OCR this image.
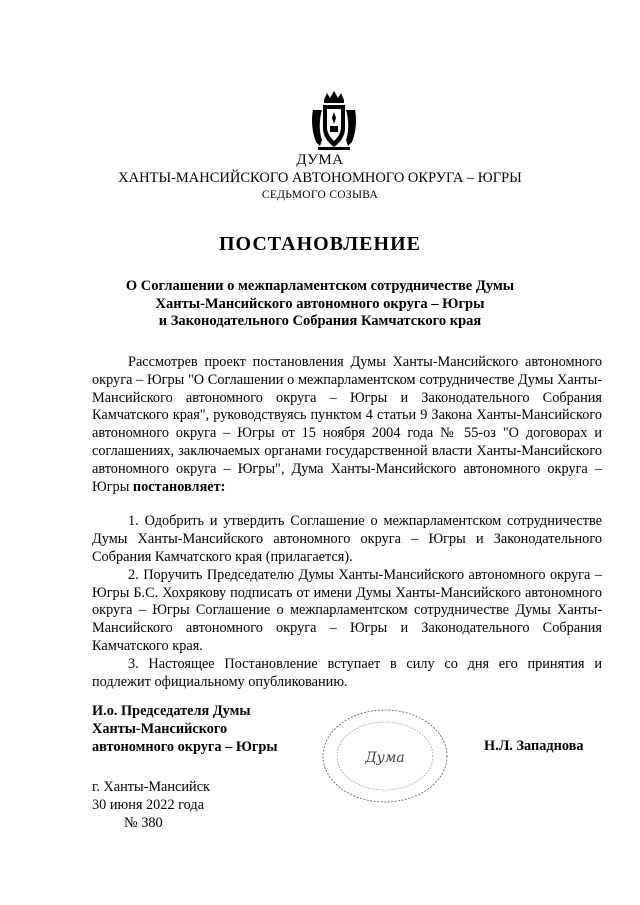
ДУМА
ХАНТЫ-МАНСИЙСКОГО АВТОНОМНОГО ОКРУГА – ЮГРЫ
СЕДЬМОГО СОЗЫВА
ПОСТАНОВЛЕНИЕ
О Соглашении о межпарламентском сотрудничестве Думы
Ханты-Мансийского автономного округа – Югры
и Законодательного Собрания Камчатского края

Рассмотрев проект постановления Думы Ханты-Мансийского автономного округа – Югры "О Соглашении о межпарламентском сотрудничестве Думы Ханты-Мансийского автономного округа – Югры и Законодательного Собрания Камчатского края", руководствуясь пунктом 4 статьи 9 Закона Ханты-Мансийского автономного округа – Югры от 15 ноября 2004 года № 55-оз "О договорах и соглашениях, заключаемых органами государственной власти Ханты-Мансийского автономного округа – Югры", Дума Ханты-Мансийского автономного округа – Югры постановляет:

1. Одобрить и утвердить Соглашение о межпарламентском сотрудничестве Думы Ханты-Мансийского автономного округа – Югры и Законодательного Собрания Камчатского края (прилагается).

2. Поручить Председателю Думы Ханты-Мансийского автономного округа – Югры Б.С. Хохрякову подписать от имени Думы Ханты-Мансийского автономного округа – Югры Соглашение о межпарламентском сотрудничестве Думы Ханты-Мансийского автономного округа – Югры и Законодательного Собрания Камчатского края.

3. Настоящее Постановление вступает в силу со дня его принятия и подлежит официальному опубликованию.

И.о. Председателя Думы
Ханты-Мансийского
автономного округа – Югры
Дума
Н.Л. Западнова
г. Ханты-Мансийск
30 июня 2022 года
№ 380
